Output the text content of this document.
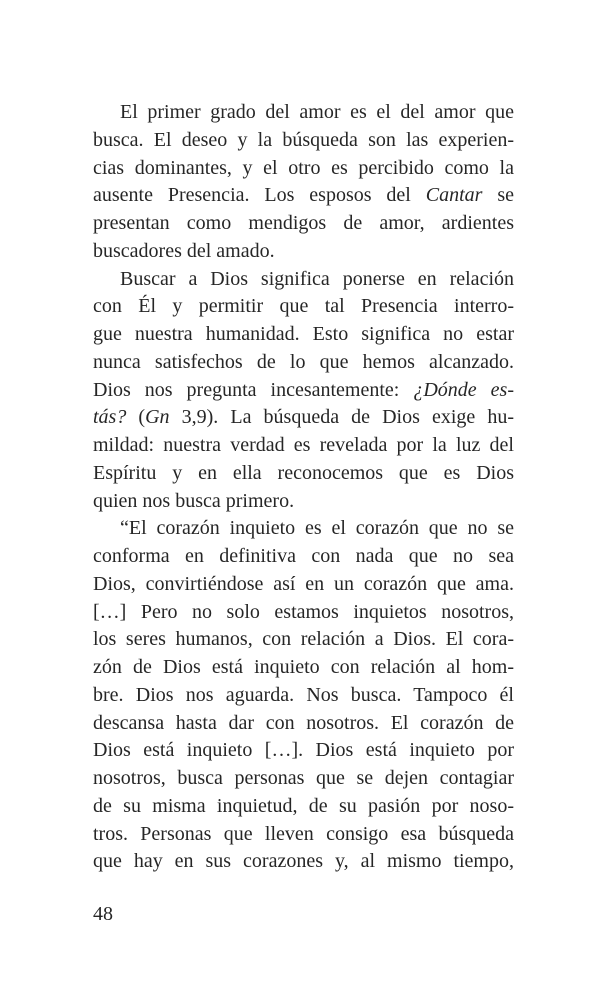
El primer grado del amor es el del amor que
busca. El deseo y la búsqueda son las experien-
cias dominantes, y el otro es percibido como la
ausente Presencia. Los esposos del Cantar se
presentan como mendigos de amor, ardientes
buscadores del amado.
Buscar a Dios significa ponerse en relación
con Él y permitir que tal Presencia interro-
gue nuestra humanidad. Esto significa no estar
nunca satisfechos de lo que hemos alcanzado.
Dios nos pregunta incesantemente: ¿Dónde es-
tás? (Gn 3,9). La búsqueda de Dios exige hu-
mildad: nuestra verdad es revelada por la luz del
Espíritu y en ella reconocemos que es Dios
quien nos busca primero.
“El corazón inquieto es el corazón que no se
conforma en definitiva con nada que no sea
Dios, convirtiéndose así en un corazón que ama.
[…] Pero no solo estamos inquietos nosotros,
los seres humanos, con relación a Dios. El cora-
zón de Dios está inquieto con relación al hom-
bre. Dios nos aguarda. Nos busca. Tampoco él
descansa hasta dar con nosotros. El corazón de
Dios está inquieto […]. Dios está inquieto por
nosotros, busca personas que se dejen contagiar
de su misma inquietud, de su pasión por noso-
tros. Personas que lleven consigo esa búsqueda
que hay en sus corazones y, al mismo tiempo,
48
